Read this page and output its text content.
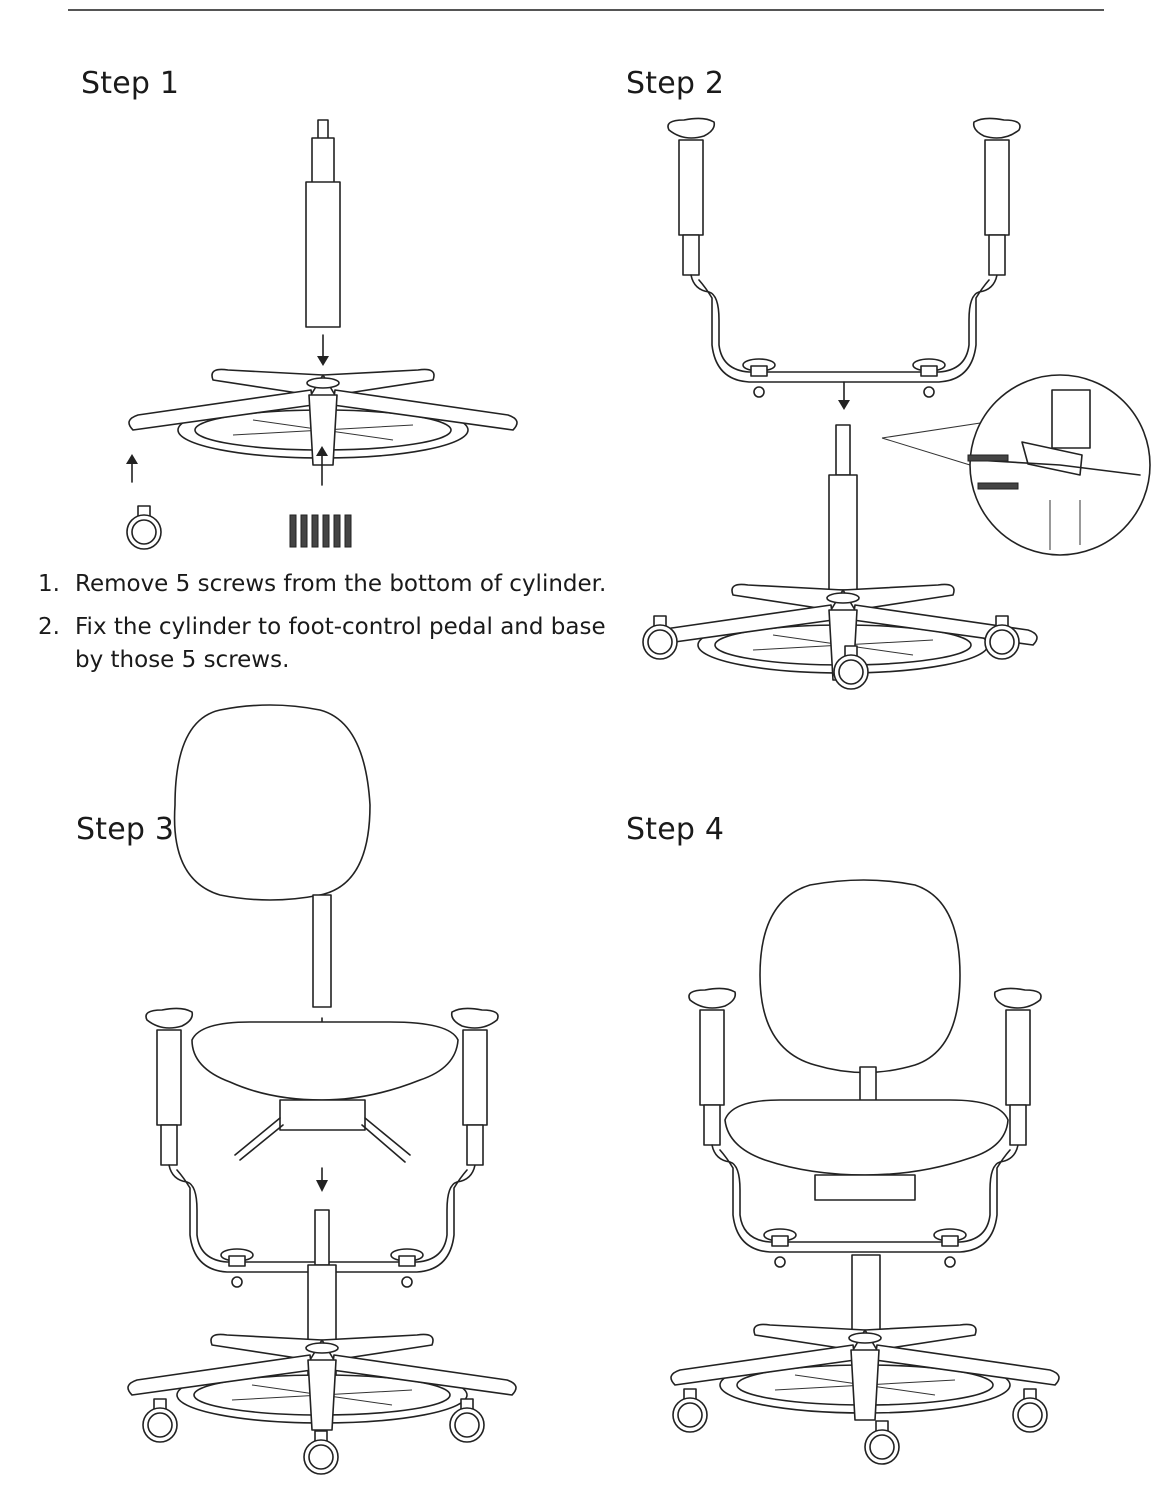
Step 1	Step 2
Step 3	Step 4
1. Remove 5 screws from the bottom of cylinder.
2. Fix the cylinder to foot-control pedal and base by those 5 screws.
